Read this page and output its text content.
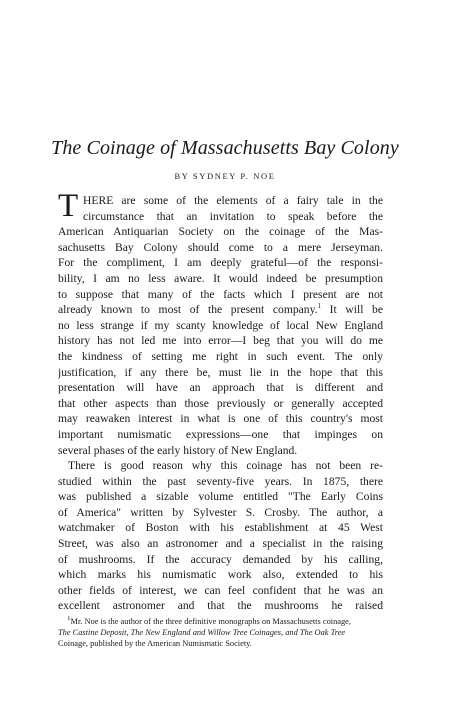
The Coinage of Massachusetts Bay Colony
BY SYDNEY P. NOE
T HERE are some of the elements of a fairy tale in the
circumstance that an invitation to speak before the
American Antiquarian Society on the coinage of the Mas-
sachusetts Bay Colony should come to a mere Jerseyman.
For the compliment, I am deeply grateful—of the responsi-
bility, I am no less aware. It would indeed be presumption
to suppose that many of the facts which I present are not
already known to most of the present company.$^1$ It will be
no less strange if my scanty knowledge of local New England
history has not led me into error—I beg that you will do me
the kindness of setting me right in such event. The only
justification, if any there be, must lie in the hope that this
presentation will have an approach that is different and
that other aspects than those previously or generally accepted
may reawaken interest in what is one of this country's most
important numismatic expressions—one that impinges on
several phases of the early history of New England.
There is good reason why this coinage has not been re-
studied within the past seventy-five years. In 1875, there
was published a sizable volume entitled "The Early Coins
of America" written by Sylvester S. Crosby. The author, a
watchmaker of Boston with his establishment at 45 West
Street, was also an astronomer and a specialist in the raising
of mushrooms. If the accuracy demanded by his calling,
which marks his numismatic work also, extended to his
other fields of interest, we can feel confident that he was an
excellent astronomer and that the mushrooms he raised
$^1$Mr. Noe is the author of the three definitive monographs on Massachusetts coinage,
The Castine Deposit, The New England and Willow Tree Coinages, and The Oak Tree
Coinage, published by the American Numismatic Society.
